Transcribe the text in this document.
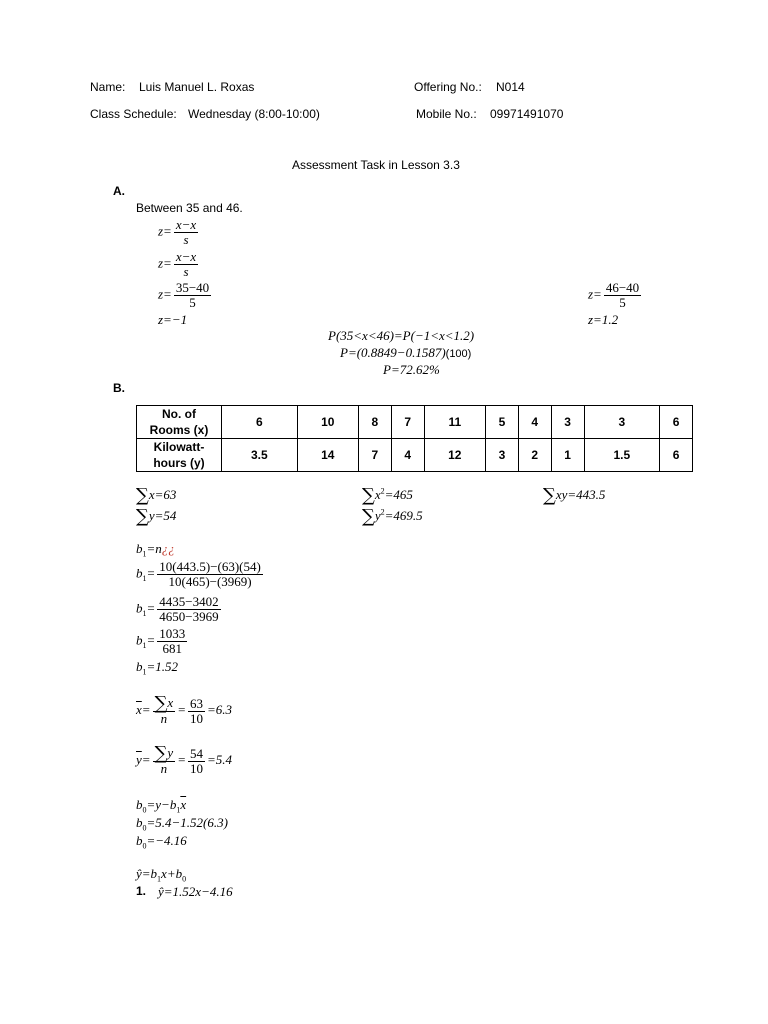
Name: Luis Manuel L. Roxas	Offering No.: N014
Class Schedule: Wednesday (8:00-10:00)	Mobile No.: 09971491070
Assessment Task in Lesson 3.3
A.
Between 35 and 46.
$z= \frac{x-x}{s}$
$z= \frac{x-x}{s}$
$z= \frac{35-40}{5}$
z=−1
$z= \frac{46-40}{5}$
z=1.2
P(35<x<46)=P(−1<x<1.2)
P=(0.8849−0.1587)(100)
P=72.62%
B.
No. of
Rooms (x)	6	10	8	7	11	5	4	3	3	6
Kilowatt-
hours (y)	3.5	14	7	4	12	3	2	1	1.5	6
∑x=63
∑y=54
$\sum x^2=465$
$\sum y^2=469.5$
∑xy=443.5
$b_1=n¿¿$
$b_1= \frac{10(443.5)-(63)(54)}{10(465)-(3969)}$
$b_1= \frac{4435-3402}{4650-3969}$
$b_1= \frac{1033}{681}$
$b_1=1.52$
$\overline{x}= \frac{\sum x}{n} = \frac{63}{10} =6.3$
$\overline{y}= \frac{\sum y}{n} = \frac{54}{10} =5.4$
$b_0=y-b_1\overline{x}$
$b_0=5.4-1.52(6.3)$
$b_0=-4.16$
$ŷ=b_1x+b_0$
1. ŷ=1.52x−4.16
